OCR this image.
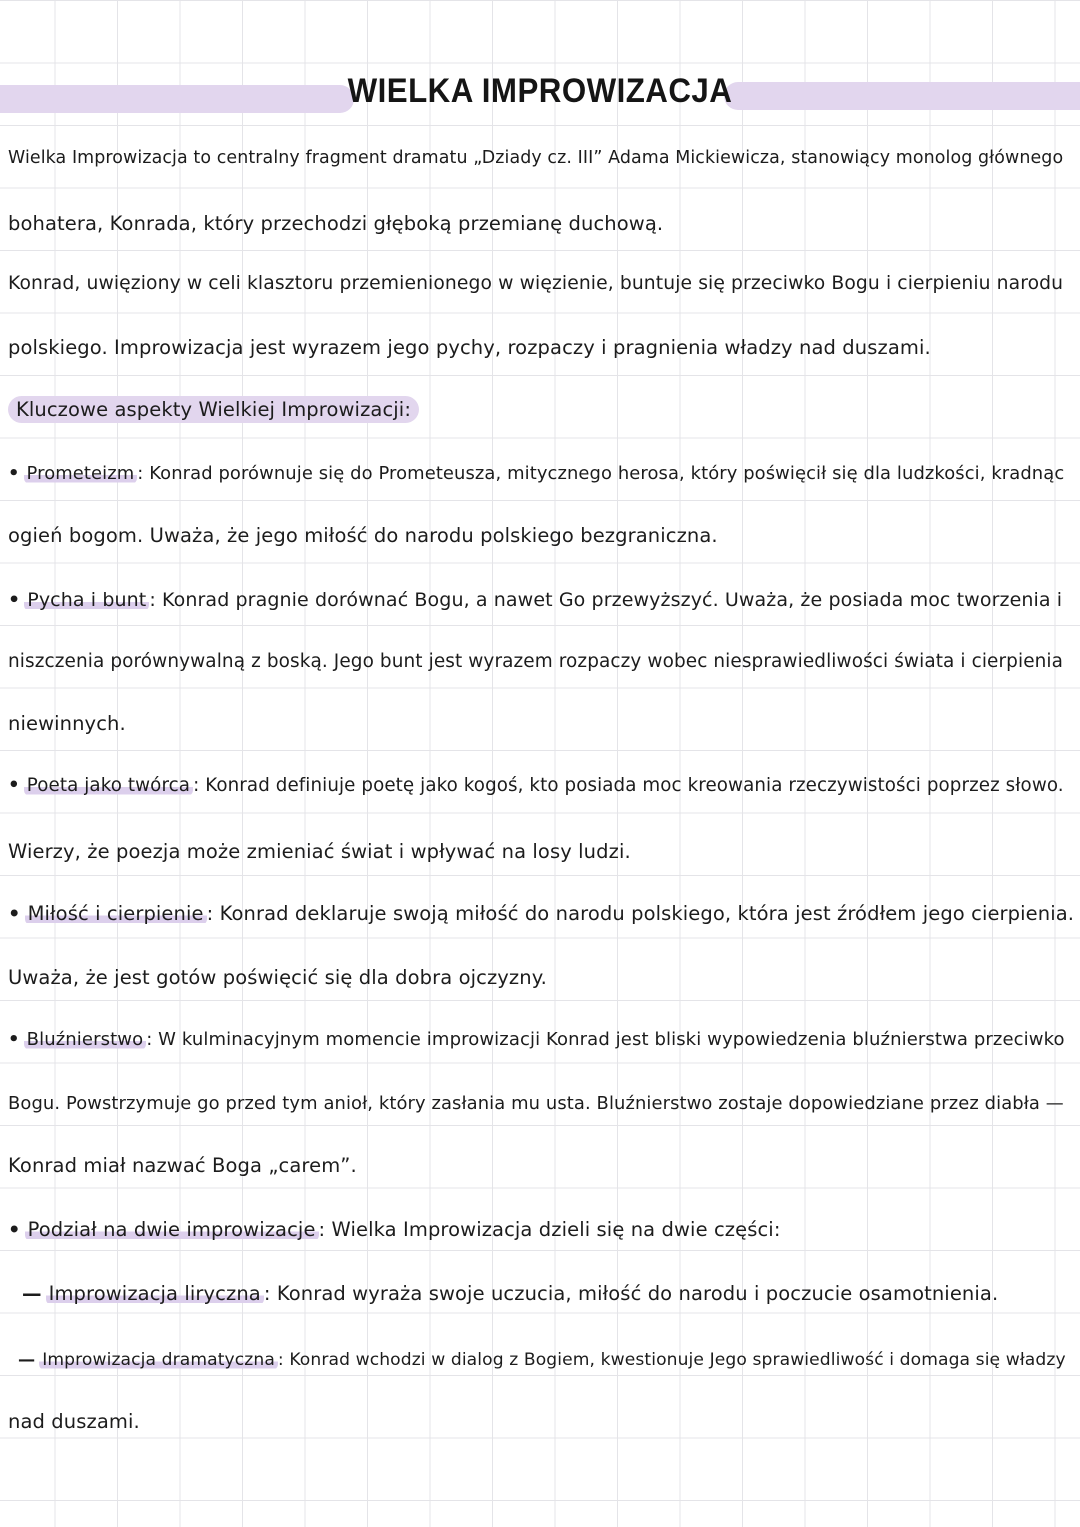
WIELKA IMPROWIZACJA
Wielka Improwizacja to centralny fragment dramatu „Dziady cz. III” Adama Mickiewicza, stanowiący monolog głównego
bohatera, Konrada, który przechodzi głęboką przemianę duchową.
Konrad, uwięziony w celi klasztoru przemienionego w więzienie, buntuje się przeciwko Bogu i cierpieniu narodu
polskiego. Improwizacja jest wyrazem jego pychy, rozpaczy i pragnienia władzy nad duszami.
Kluczowe aspekty Wielkiej Improwizacji:
• Prometeizm : Konrad porównuje się do Prometeusza, mitycznego herosa, który poświęcił się dla ludzkości, kradnąc
ogień bogom. Uważa, że jego miłość do narodu polskiego bezgraniczna.
• Pycha i bunt : Konrad pragnie dorównać Bogu, a nawet Go przewyższyć. Uważa, że posiada moc tworzenia i
niszczenia porównywalną z boską. Jego bunt jest wyrazem rozpaczy wobec niesprawiedliwości świata i cierpienia
niewinnych.
• Poeta jako twórca : Konrad definiuje poetę jako kogoś, kto posiada moc kreowania rzeczywistości poprzez słowo.
Wierzy, że poezja może zmieniać świat i wpływać na losy ludzi.
• Miłość i cierpienie : Konrad deklaruje swoją miłość do narodu polskiego, która jest źródłem jego cierpienia.
Uważa, że jest gotów poświęcić się dla dobra ojczyzny.
• Bluźnierstwo : W kulminacyjnym momencie improwizacji Konrad jest bliski wypowiedzenia bluźnierstwa przeciwko
Bogu. Powstrzymuje go przed tym anioł, który zasłania mu usta. Bluźnierstwo zostaje dopowiedziane przez diabła —
Konrad miał nazwać Boga „carem”.
• Podział na dwie improwizacje : Wielka Improwizacja dzieli się na dwie części:
— Improwizacja liryczna : Konrad wyraża swoje uczucia, miłość do narodu i poczucie osamotnienia.
— Improwizacja dramatyczna : Konrad wchodzi w dialog z Bogiem, kwestionuje Jego sprawiedliwość i domaga się władzy
nad duszami.
